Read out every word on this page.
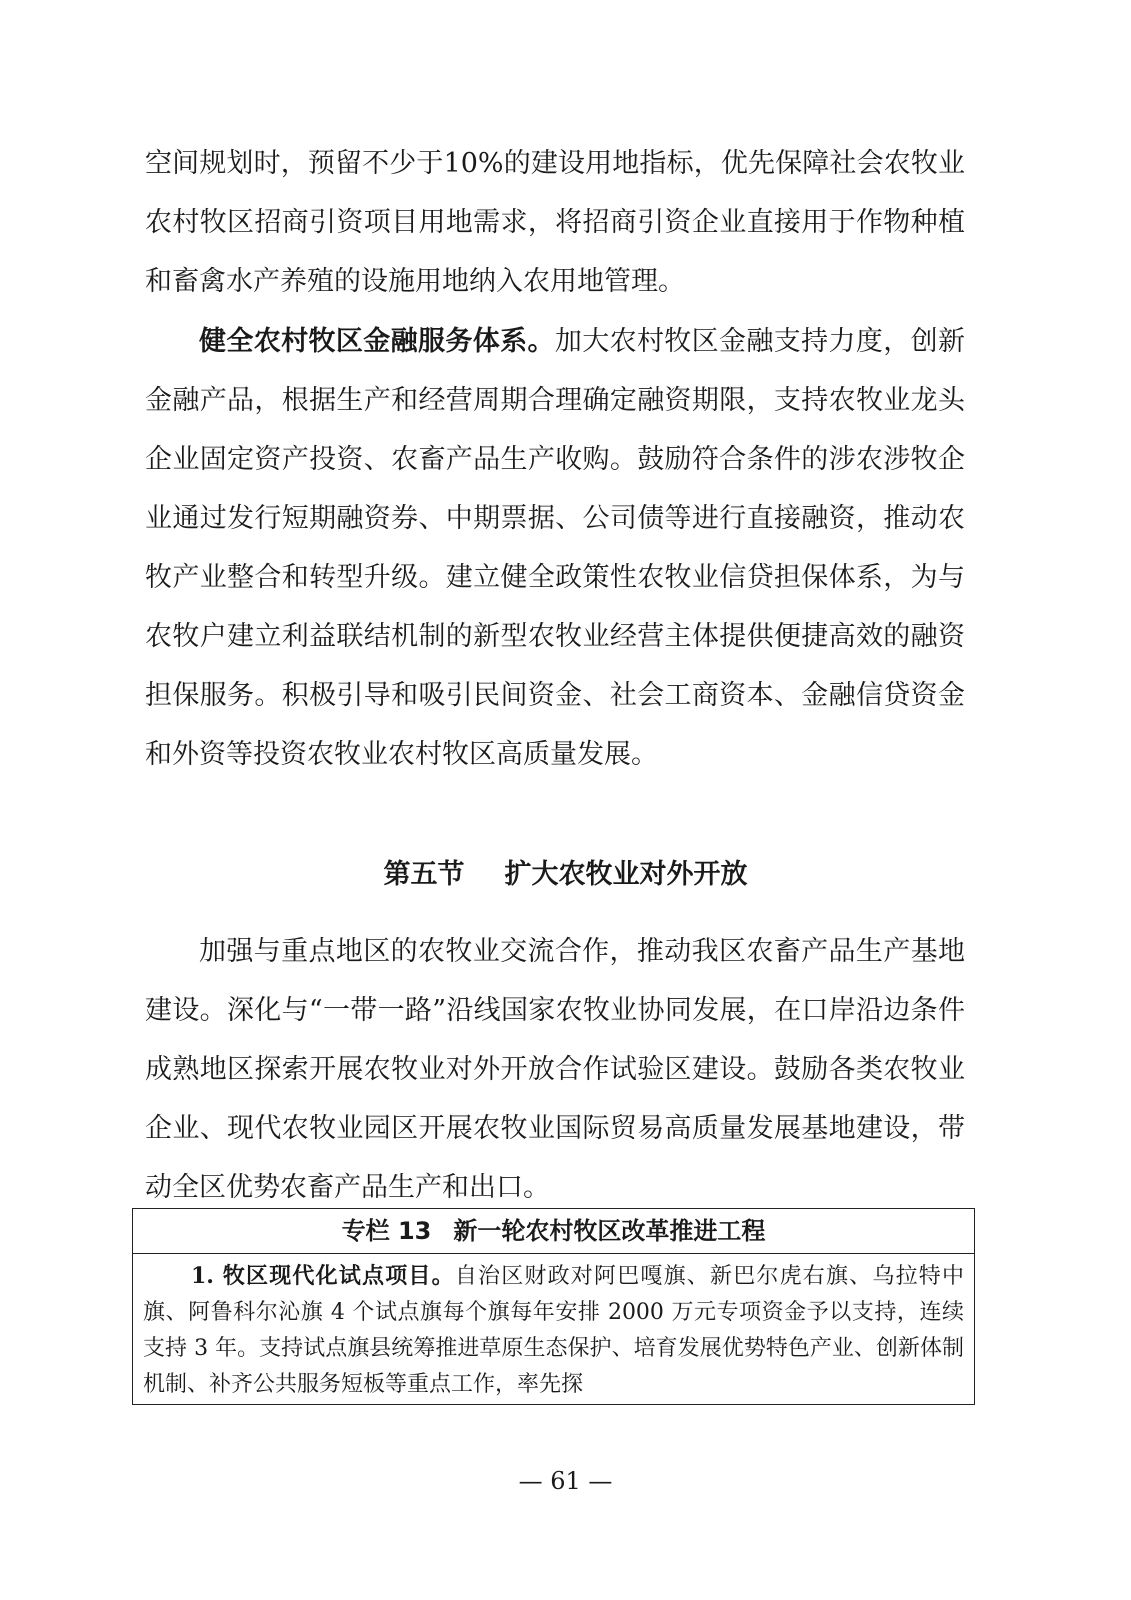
空间规划时，预留不少于10%的建设用地指标，优先保障社会农牧业农村牧区招商引资项目用地需求，将招商引资企业直接用于作物种植和畜禽水产养殖的设施用地纳入农用地管理。

健全农村牧区金融服务体系。加大农村牧区金融支持力度，创新金融产品，根据生产和经营周期合理确定融资期限，支持农牧业龙头企业固定资产投资、农畜产品生产收购。鼓励符合条件的涉农涉牧企业通过发行短期融资券、中期票据、公司债等进行直接融资，推动农牧产业整合和转型升级。建立健全政策性农牧业信贷担保体系，为与农牧户建立利益联结机制的新型农牧业经营主体提供便捷高效的融资担保服务。积极引导和吸引民间资金、社会工商资本、金融信贷资金和外资等投资农牧业农村牧区高质量发展。

第五节 扩大农牧业对外开放

加强与重点地区的农牧业交流合作，推动我区农畜产品生产基地建设。深化与“一带一路”沿线国家农牧业协同发展，在口岸沿边条件成熟地区探索开展农牧业对外开放合作试验区建设。鼓励各类农牧业企业、现代农牧业园区开展农牧业国际贸易高质量发展基地建设，带动全区优势农畜产品生产和出口。

专栏 13 新一轮农村牧区改革推进工程

1. 牧区现代化试点项目。自治区财政对阿巴嘎旗、新巴尔虎右旗、乌拉特中旗、阿鲁科尔沁旗 4 个试点旗每个旗每年安排 2000 万元专项资金予以支持，连续支持 3 年。支持试点旗县统筹推进草原生态保护、培育发展优势特色产业、创新体制机制、补齐公共服务短板等重点工作，率先探

— 61 —
